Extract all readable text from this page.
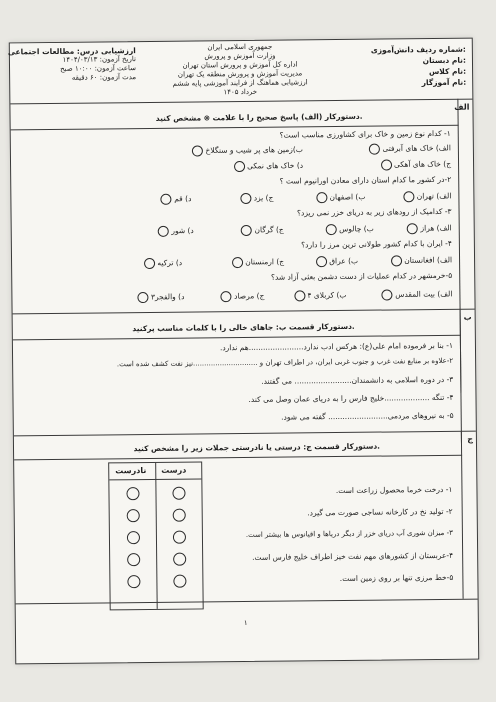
شماره ردیف دانش‌آموزی:
نام دبستان:
نام کلاس:
نام آموزگار:
جمهوری اسلامی ایران
وزارت آموزش و پرورش
اداره کل آموزش و پرورش استان تهران
مدیریت آموزش و پرورش منطقه یک تهران
ارزشیابی هماهنگ از فرایند آموزشی پایه ششم
خرداد ۱۴۰۵
ارزشیابی درس: مطالعات اجتماعی
تاریخ آزمون: ۱۴۰۴/۰۳/۱۳
ساعت آزمون: ۱۰:۰۰ صبح
مدت آزمون: ۶۰ دقیقه
الف
دستورکار (الف) پاسخ صحیح را با علامت ⊗ مشخص کنید.
۱- کدام نوع زمین و خاک برای کشاورزی مناسب است؟
الف) خاک های آبرفتی
ب)زمین های پر شیب و سنگلاخ
ج) خاک های آهکی
د) خاک های نمکی
۲-در کشور ما کدام استان دارای معادن اورانیوم است ؟
الف) تهران
ب) اصفهان
ج) یزد
د) قم
۳- کدامیک از رودهای زیر به دریای خزر نمی ریزد؟
الف) هراز
ب) چالوس
ج) گرگان
د) شور
۴- ایران با کدام کشور طولانی ترین مرز را دارد؟
الف) افغانستان
ب) عراق
ج) ارمنستان
د) ترکیه
۵-خرمشهر در کدام عملیات از دست دشمن بعثی آزاد شد؟
الف) بیت المقدس
ب) کربلای ۴
ج) مرصاد
د) والفجر۳
ب
دستورکار قسمت ب: جاهای خالی را با کلمات مناسب پرکنید.
۱- بنا بر فرموده امام علی(ع): هرکس ادب ندارد.......................هم ندارد.
۲-علاوه بر منابع نفت غرب و جنوب غربی ایران، در اطراف تهران و .............................نیز نفت کشف شده است.
۳- در دوره اسلامی به دانشمندان........................ می گفتند.
۴- تنگه ...................خلیج فارس را به دریای عمان وصل می کند.
۵- به نیروهای مردمی......................... گفته می شود.
ج
دستورکار قسمت ج: درستی یا نادرستی جملات زیر را مشخص کنید.
درست
نادرست
۱- درخت خرما محصول زراعت است.
۲- تولید نخ در کارخانه نساجی صورت می گیرد.
۳- میزان شوری آب دریای خزر از دیگر دریاها و اقیانوس ها بیشتر است.
۴-عربستان از کشورهای مهم نفت خیز اطراف خلیج فارس است.
۵-خط مرزی تنها بر روی زمین است.
۱
